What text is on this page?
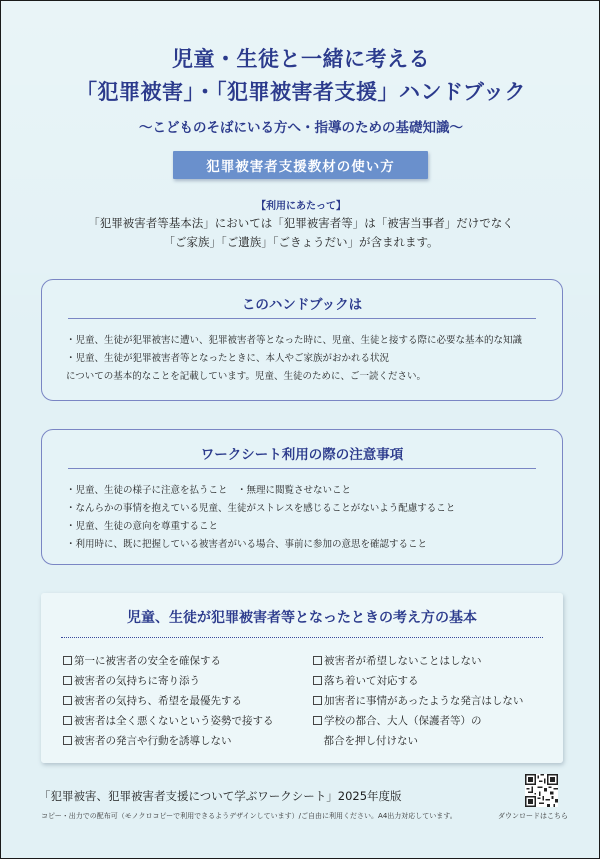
児童・生徒と一緒に考える
「犯罪被害」・「犯罪被害者支援」ハンドブック
〜こどものそばにいる方へ・指導のための基礎知識〜
犯罪被害者支援教材の使い方
【利用にあたって】
「犯罪被害者等基本法」においては「犯罪被害者等」は「被害当事者」だけでなく
「ご家族」「ご遺族」「ごきょうだい」が含まれます。
このハンドブックは
・児童、生徒が犯罪被害に遭い、犯罪被害者等となった時に、児童、生徒と接する際に必要な基本的な知識
・児童、生徒が犯罪被害者等となったときに、本人やご家族がおかれる状況
についての基本的なことを記載しています。児童、生徒のために、ご一読ください。
ワークシート利用の際の注意事項
・児童、生徒の様子に注意を払うこと　・無理に閲覧させないこと
・なんらかの事情を抱えている児童、生徒がストレスを感じることがないよう配慮すること
・児童、生徒の意向を尊重すること
・利用時に、既に把握している被害者がいる場合、事前に参加の意思を確認すること
児童、生徒が犯罪被害者等となったときの考え方の基本
第一に被害者の安全を確保する
被害者の気持ちに寄り添う
被害者の気持ち、希望を最優先する
被害者は全く悪くないという姿勢で接する
被害者の発言や行動を誘導しない
被害者が希望しないことはしない
落ち着いて対応する
加害者に事情があったような発言はしない
学校の都合、大人（保護者等）の
　都合を押し付けない
「犯罪被害、犯罪被害者支援について学ぶワークシート」2025年度版
コピー・出力での配布可（モノクロコピーで利用できるようデザインしています）/ご自由に利用ください。A4出力対応しています。	ダウンロードはこちら
